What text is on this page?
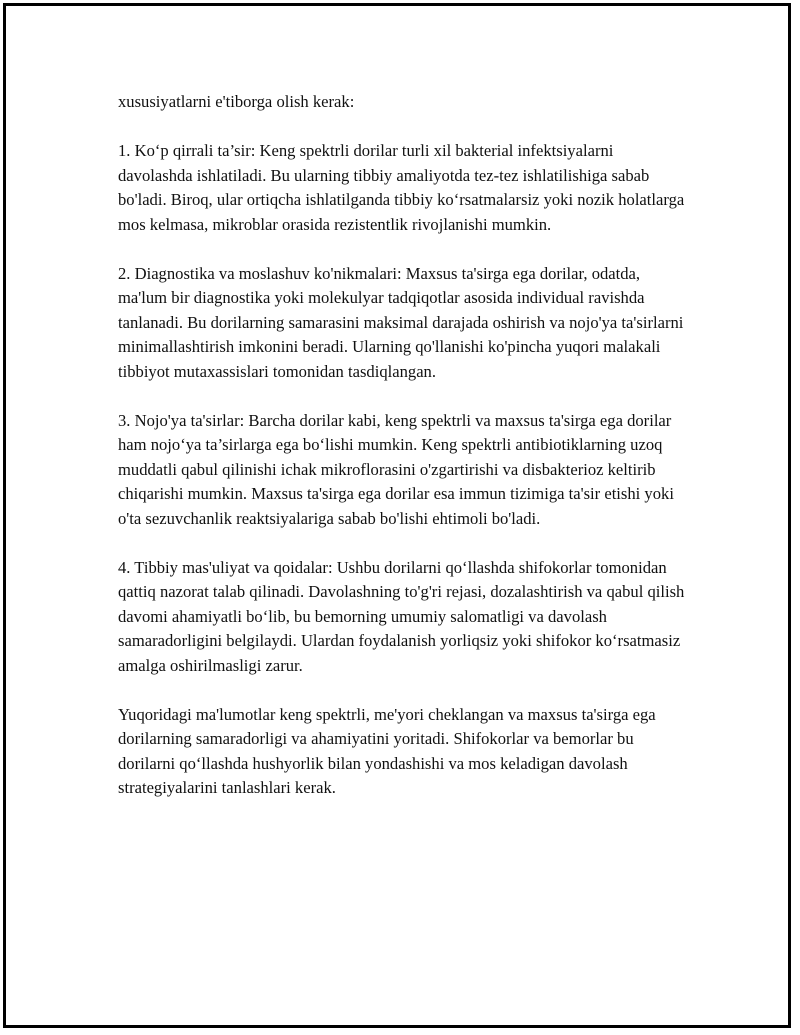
xususiyatlarni e'tiborga olish kerak:

1. Ko‘p qirrali ta’sir: Keng spektrli dorilar turli xil bakterial infektsiyalarni davolashda ishlatiladi. Bu ularning tibbiy amaliyotda tez-tez ishlatilishiga sabab bo'ladi. Biroq, ular ortiqcha ishlatilganda tibbiy ko‘rsatmalarsiz yoki nozik holatlarga mos kelmasa, mikroblar orasida rezistentlik rivojlanishi mumkin.

2. Diagnostika va moslashuv ko'nikmalari: Maxsus ta'sirga ega dorilar, odatda, ma'lum bir diagnostika yoki molekulyar tadqiqotlar asosida individual ravishda tanlanadi. Bu dorilarning samarasini maksimal darajada oshirish va nojo'ya ta'sirlarni minimallashtirish imkonini beradi. Ularning qo'llanishi ko'pincha yuqori malakali tibbiyot mutaxassislari tomonidan tasdiqlangan.

3. Nojo'ya ta'sirlar: Barcha dorilar kabi, keng spektrli va maxsus ta'sirga ega dorilar ham nojo‘ya ta’sirlarga ega bo‘lishi mumkin. Keng spektrli antibiotiklarning uzoq muddatli qabul qilinishi ichak mikroflorasini o'zgartirishi va disbakterioz keltirib chiqarishi mumkin. Maxsus ta'sirga ega dorilar esa immun tizimiga ta'sir etishi yoki o'ta sezuvchanlik reaktsiyalariga sabab bo'lishi ehtimoli bo'ladi.

4. Tibbiy mas'uliyat va qoidalar: Ushbu dorilarni qo‘llashda shifokorlar tomonidan qattiq nazorat talab qilinadi. Davolashning to'g'ri rejasi, dozalashtirish va qabul qilish davomi ahamiyatli bo‘lib, bu bemorning umumiy salomatligi va davolash samaradorligini belgilaydi. Ulardan foydalanish yorliqsiz yoki shifokor ko‘rsatmasiz amalga oshirilmasligi zarur.

Yuqoridagi ma'lumotlar keng spektrli, me'yori cheklangan va maxsus ta'sirga ega dorilarning samaradorligi va ahamiyatini yoritadi. Shifokorlar va bemorlar bu dorilarni qo‘llashda hushyorlik bilan yondashishi va mos keladigan davolash strategiyalarini tanlashlari kerak.
